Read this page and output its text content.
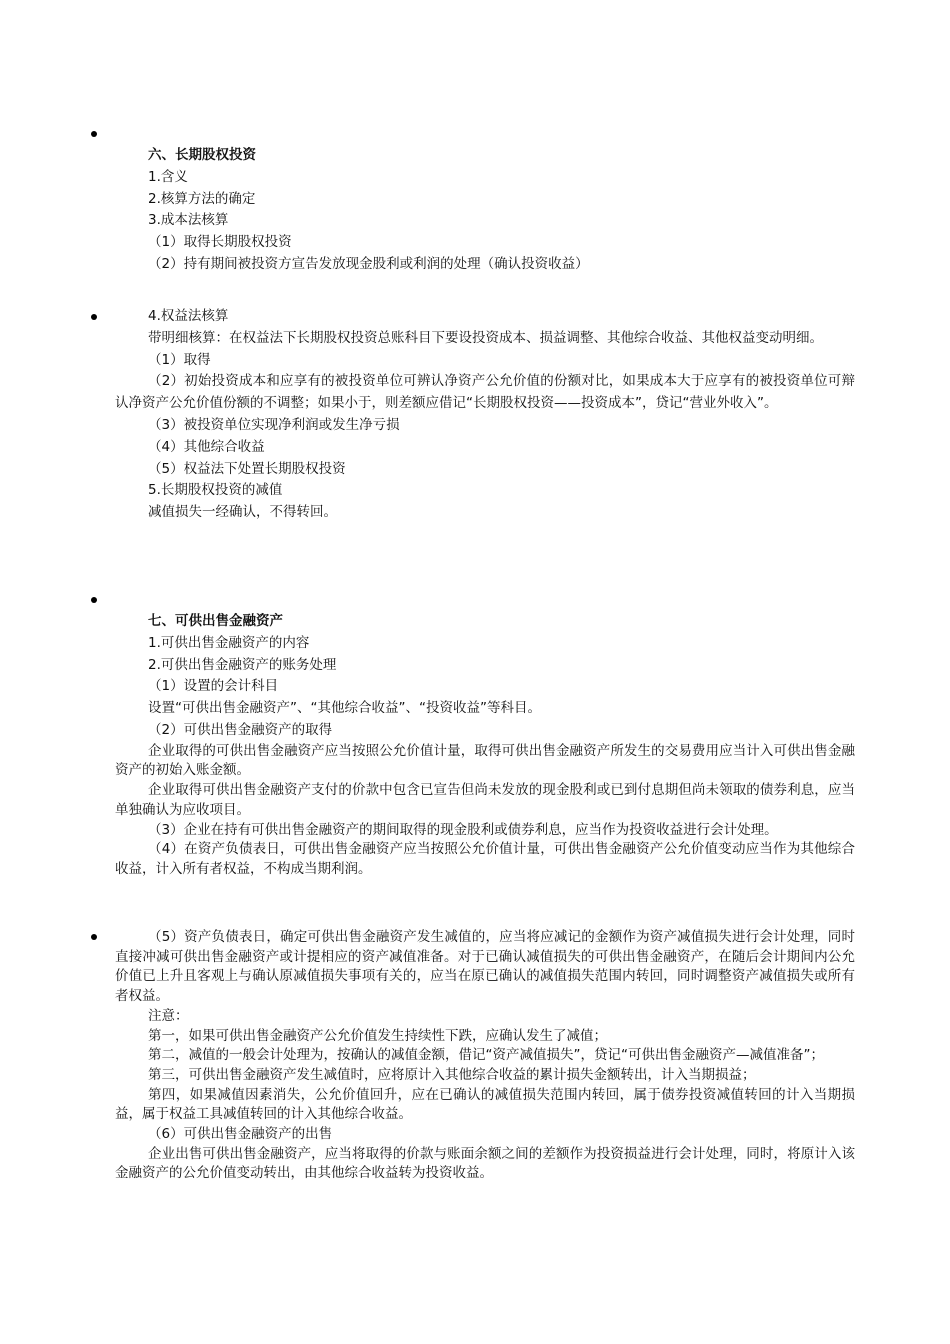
六、长期股权投资

1.含义

2.核算方法的确定

3.成本法核算

（1）取得长期股权投资

（2）持有期间被投资方宣告发放现金股利或利润的处理（确认投资收益）

4.权益法核算

带明细核算：在权益法下长期股权投资总账科目下要设投资成本、损益调整、其他综合收益、其他权益变动明细。

（1）取得

（2）初始投资成本和应享有的被投资单位可辨认净资产公允价值的份额对比，如果成本大于应享有的被投资单位可辩认净资产公允价值份额的不调整；如果小于，则差额应借记“长期股权投资——投资成本”，贷记“营业外收入”。

（3）被投资单位实现净利润或发生净亏损

（4）其他综合收益

（5）权益法下处置长期股权投资

5.长期股权投资的减值

减值损失一经确认，不得转回。

七、可供出售金融资产

1.可供出售金融资产的内容

2.可供出售金融资产的账务处理

（1）设置的会计科目

设置“可供出售金融资产”、“其他综合收益”、“投资收益”等科目。

（2）可供出售金融资产的取得

企业取得的可供出售金融资产应当按照公允价值计量，取得可供出售金融资产所发生的交易费用应当计入可供出售金融资产的初始入账金额。

企业取得可供出售金融资产支付的价款中包含已宣告但尚未发放的现金股利或已到付息期但尚未领取的债券利息，应当单独确认为应收项目。

（3）企业在持有可供出售金融资产的期间取得的现金股利或债券利息，应当作为投资收益进行会计处理。

（4）在资产负债表日，可供出售金融资产应当按照公允价值计量，可供出售金融资产公允价值变动应当作为其他综合收益，计入所有者权益，不构成当期利润。

（5）资产负债表日，确定可供出售金融资产发生减值的，应当将应减记的金额作为资产减值损失进行会计处理，同时直接冲减可供出售金融资产或计提相应的资产减值准备。对于已确认减值损失的可供出售金融资产，在随后会计期间内公允价值已上升且客观上与确认原减值损失事项有关的，应当在原已确认的减值损失范围内转回，同时调整资产减值损失或所有者权益。

注意：

第一，如果可供出售金融资产公允价值发生持续性下跌，应确认发生了减值；

第二，减值的一般会计处理为，按确认的减值金额，借记“资产减值损失”，贷记“可供出售金融资产—减值准备”；

第三，可供出售金融资产发生减值时，应将原计入其他综合收益的累计损失金额转出，计入当期损益；

第四，如果减值因素消失，公允价值回升，应在已确认的减值损失范围内转回，属于债券投资减值转回的计入当期损益，属于权益工具减值转回的计入其他综合收益。

（6）可供出售金融资产的出售

企业出售可供出售金融资产，应当将取得的价款与账面余额之间的差额作为投资损益进行会计处理，同时，将原计入该金融资产的公允价值变动转出，由其他综合收益转为投资收益。
